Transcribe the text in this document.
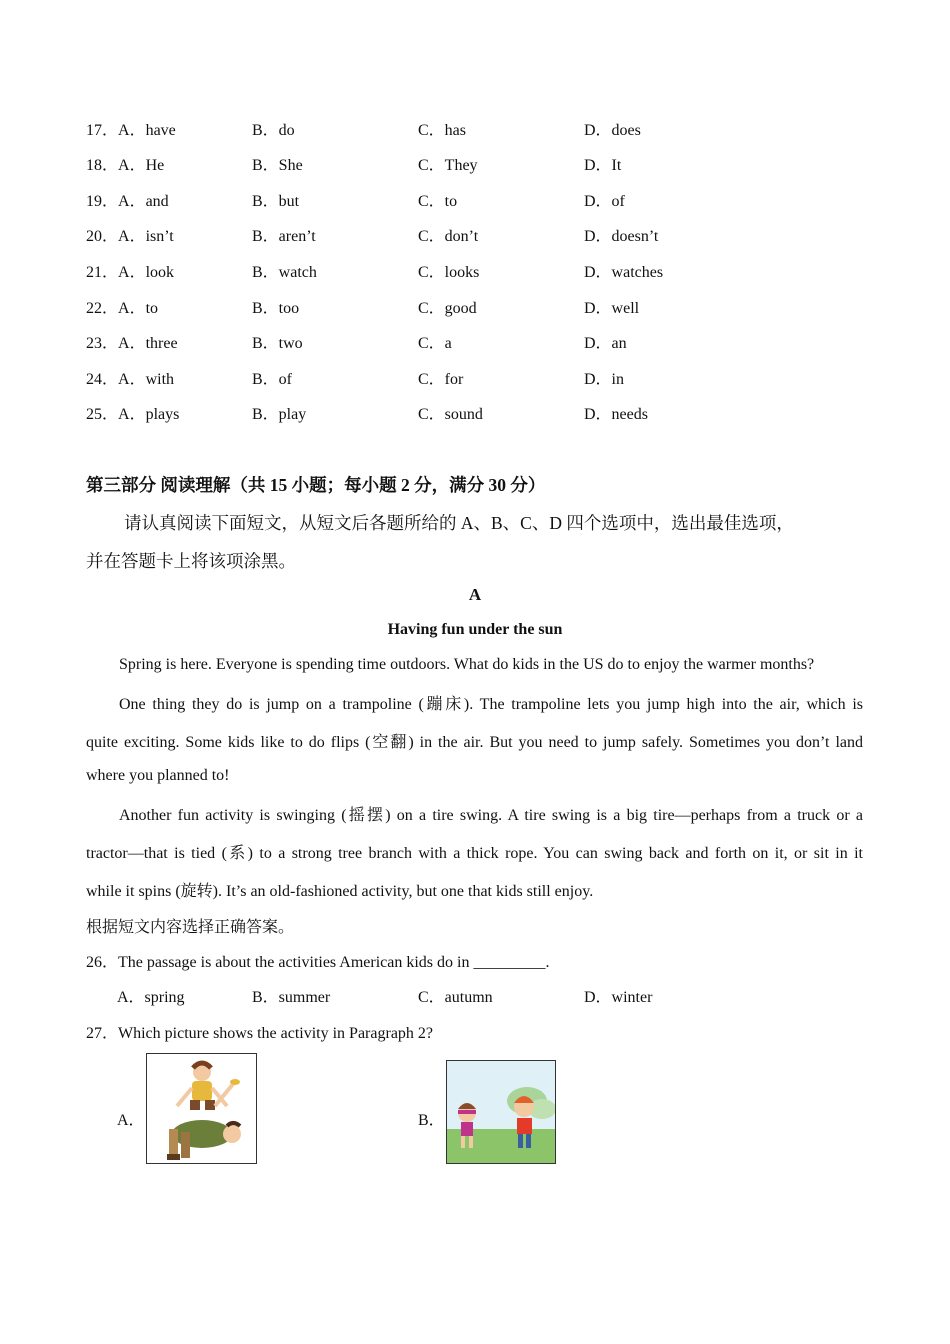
17．A．have	B．do	C．has	D．does
18．A．He	B．She	C．They	D．It
19．A．and	B．but	C．to	D．of
20．A．isn’t	B．aren’t	C．don’t	D．doesn’t
21．A．look	B．watch	C．looks	D．watches
22．A．to	B．too	C．good	D．well
23．A．three	B．two	C．a	D．an
24．A．with	B．of	C．for	D．in
25．A．plays	B．play	C．sound	D．needs
第三部分 阅读理解（共 15 小题；每小题 2 分，满分 30 分）
请认真阅读下面短文，从短文后各题所给的 A、B、C、D 四个选项中，选出最佳选项，
并在答题卡上将该项涂黑。
A
Having fun under the sun
Spring is here. Everyone is spending time outdoors. What do kids in the US do to enjoy the warmer months?
One thing they do is jump on a trampoline (蹦床). The trampoline lets you jump high into the air, which is
quite exciting. Some kids like to do flips (空翻) in the air. But you need to jump safely. Sometimes you don’t land
where you planned to!
Another fun activity is swinging (摇摆) on a tire swing. A tire swing is a big tire—perhaps from a truck or a
tractor—that is tied (系) to a strong tree branch with a thick rope. You can swing back and forth on it, or sit in it
while it spins (旋转). It’s an old-fashioned activity, but one that kids still enjoy.
根据短文内容选择正确答案。
26．The passage is about the activities American kids do in _________.
A．spring	B．summer	C．autumn	D．winter
27．Which picture shows the activity in Paragraph 2?
A．	B．
